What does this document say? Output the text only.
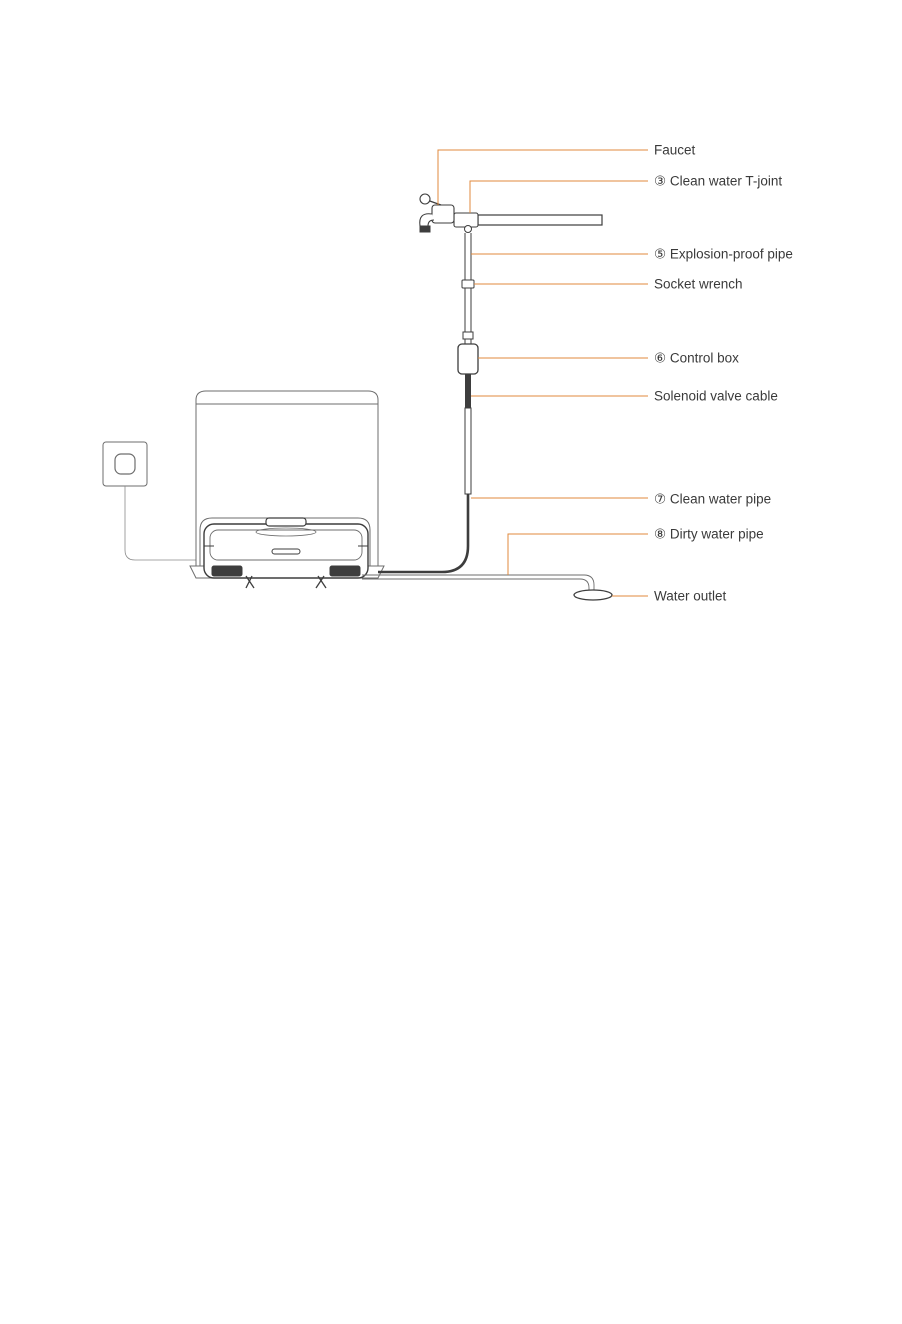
Faucet
③ Clean water T-joint
⑤ Explosion-proof pipe
Socket wrench
⑥ Control box
Solenoid valve cable
⑦ Clean water pipe
⑧ Dirty water pipe
Water outlet
